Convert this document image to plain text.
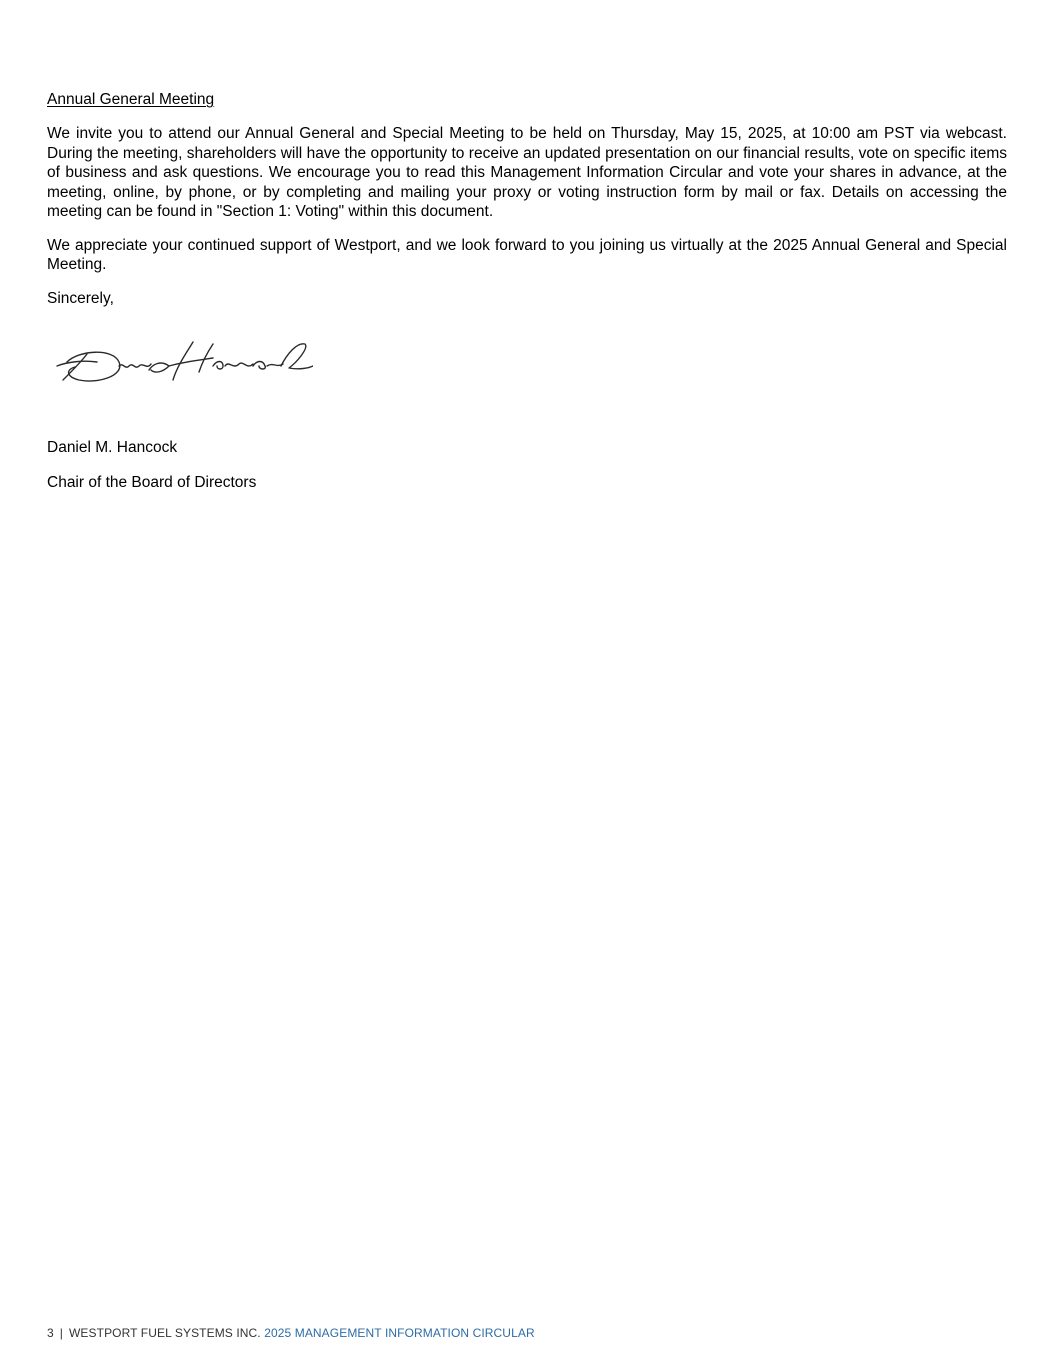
Annual General Meeting

We invite you to attend our Annual General and Special Meeting to be held on Thursday, May 15, 2025, at 10:00 am PST via webcast. During the meeting, shareholders will have the opportunity to receive an updated presentation on our financial results, vote on specific items of business and ask questions. We encourage you to read this Management Information Circular and vote your shares in advance, at the meeting, online, by phone, or by completing and mailing your proxy or voting instruction form by mail or fax. Details on accessing the meeting can be found in "Section 1: Voting" within this document.

We appreciate your continued support of Westport, and we look forward to you joining us virtually at the 2025 Annual General and Special Meeting.

Sincerely,

Daniel M. Hancock

Chair of the Board of Directors

3 | WESTPORT FUEL SYSTEMS INC. 2025 MANAGEMENT INFORMATION CIRCULAR
